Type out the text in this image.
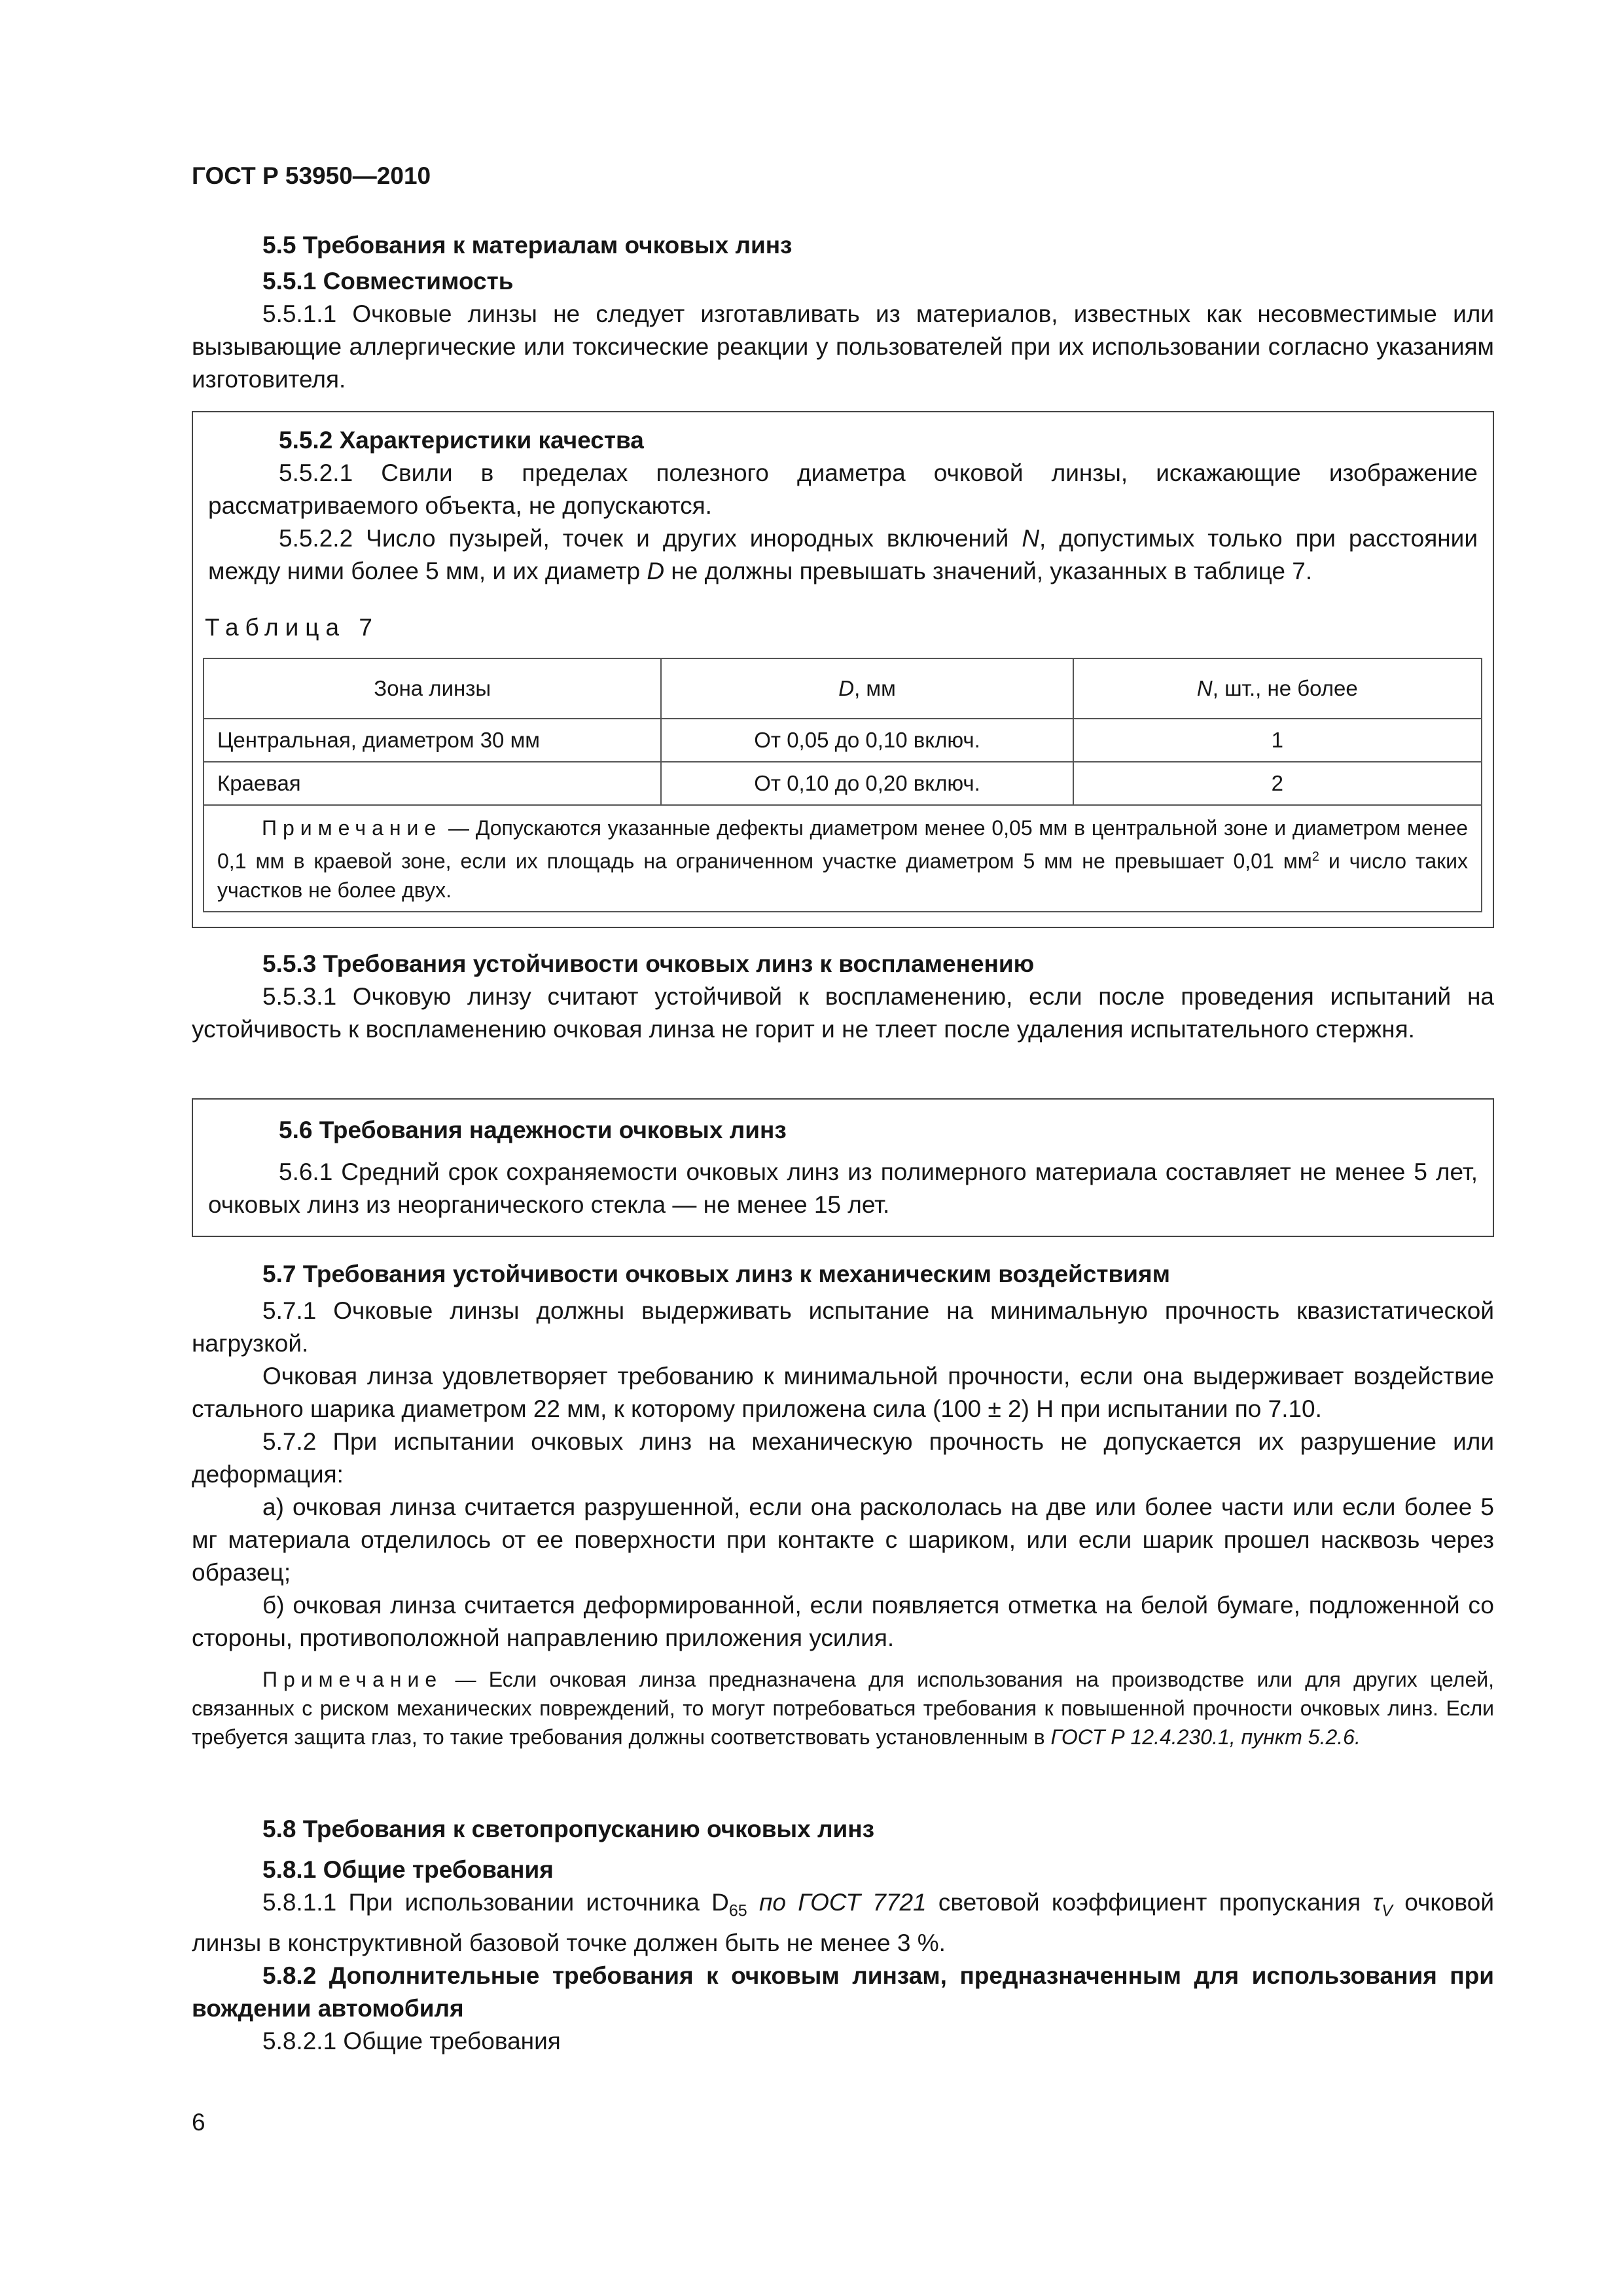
ГОСТ Р 53950—2010

5.5 Требования к материалам очковых линз

5.5.1 Совместимость

5.5.1.1 Очковые линзы не следует изготавливать из материалов, известных как несовместимые или вызывающие аллергические или токсические реакции у пользователей при их использовании согласно указаниям изготовителя.

5.5.2 Характеристики качества

5.5.2.1 Свили в пределах полезного диаметра очковой линзы, искажающие изображение рассматриваемого объекта, не допускаются.

5.5.2.2 Число пузырей, точек и других инородных включений N, допустимых только при расстоянии между ними более 5 мм, и их диаметр D не должны превышать значений, указанных в таблице 7.

Таблица 7
Зона линзы	D, мм	N, шт., не более
Центральная, диаметром 30 мм	От 0,05 до 0,10 включ.	1
Краевая	От 0,10 до 0,20 включ.	2

Примечание — Допускаются указанные дефекты диаметром менее 0,05 мм в центральной зоне и диаметром менее 0,1 мм в краевой зоне, если их площадь на ограниченном участке диаметром 5 мм не превышает 0,01 $мм^2$ и число таких участков не более двух.		

5.5.3 Требования устойчивости очковых линз к воспламенению

5.5.3.1 Очковую линзу считают устойчивой к воспламенению, если после проведения испытаний на устойчивость к воспламенению очковая линза не горит и не тлеет после удаления испытательного стержня.

5.6 Требования надежности очковых линз

5.6.1 Средний срок сохраняемости очковых линз из полимерного материала составляет не менее 5 лет, очковых линз из неорганического стекла — не менее 15 лет.

5.7 Требования устойчивости очковых линз к механическим воздействиям

5.7.1 Очковые линзы должны выдерживать испытание на минимальную прочность квазистатической нагрузкой.

Очковая линза удовлетворяет требованию к минимальной прочности, если она выдерживает воздействие стального шарика диаметром 22 мм, к которому приложена сила (100 ± 2) Н при испытании по 7.10.

5.7.2 При испытании очковых линз на механическую прочность не допускается их разрушение или деформация:

а) очковая линза считается разрушенной, если она раскололась на две или более части или если более 5 мг материала отделилось от ее поверхности при контакте с шариком, или если шарик прошел насквозь через образец;

б) очковая линза считается деформированной, если появляется отметка на белой бумаге, подложенной со стороны, противоположной направлению приложения усилия.

Примечание — Если очковая линза предназначена для использования на производстве или для других целей, связанных с риском механических повреждений, то могут потребоваться требования к повышенной прочности очковых линз. Если требуется защита глаз, то такие требования должны соответствовать установленным в ГОСТ Р 12.4.230.1, пункт 5.2.6.

5.8 Требования к светопропусканию очковых линз

5.8.1 Общие требования

5.8.1.1 При использовании источника $D_{65}$ по ГОСТ 7721 световой коэффициент пропускания $\tau_V$ очковой линзы в конструктивной базовой точке должен быть не менее 3 %.

5.8.2 Дополнительные требования к очковым линзам, предназначенным для использования при вождении автомобиля

5.8.2.1 Общие требования

6
